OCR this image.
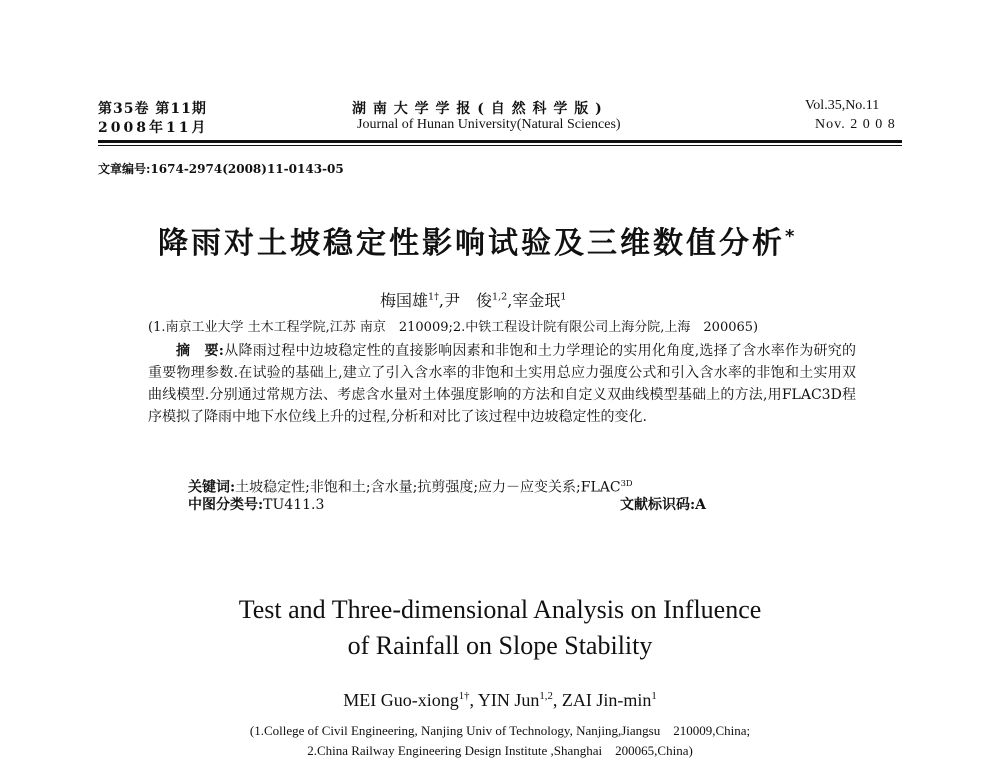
第35卷 第11期
2008年11月
湖 南 大 学 学 报 ( 自 然 科 学 版 )
Journal of Hunan University(Natural Sciences)
Vol.35,No.11
Nov. 2 0 0 8
文章编号:1674-2974(2008)11-0143-05
降雨对土坡稳定性影响试验及三维数值分析*
梅国雄$^{1\dagger}$,尹　俊$^{1,2}$,宰金珉$^1$
(1.南京工业大学 土木工程学院,江苏 南京　210009;2.中铁工程设计院有限公司上海分院,上海　200065)
摘　要:从降雨过程中边坡稳定性的直接影响因素和非饱和土力学理论的实用化角度,选择了含水率作为研究的重要物理参数.在试验的基础上,建立了引入含水率的非饱和土实用总应力强度公式和引入含水率的非饱和土实用双曲线模型.分别通过常规方法、考虑含水量对土体强度影响的方法和自定义双曲线模型基础上的方法,用FLAC3D程序模拟了降雨中地下水位线上升的过程,分析和对比了该过程中边坡稳定性的变化.
关键词:土坡稳定性;非饱和土;含水量;抗剪强度;应力－应变关系$;FLAC^{3D}$
中图分类号:TU411.3	文献标识码:A
Test and Three-dimensional Analysis on Influence
of Rainfall on Slope Stability
MEI Guo-xiong$^{1\dagger}$, YIN Jun$^{1,2}$, ZAI Jin-$\min^1$
(1.College of Civil Engineering, Nanjing Univ of Technology, Nanjing,Jiangsu　210009,China;
2.China Railway Engineering Design Institute ,Shanghai　200065,China)
